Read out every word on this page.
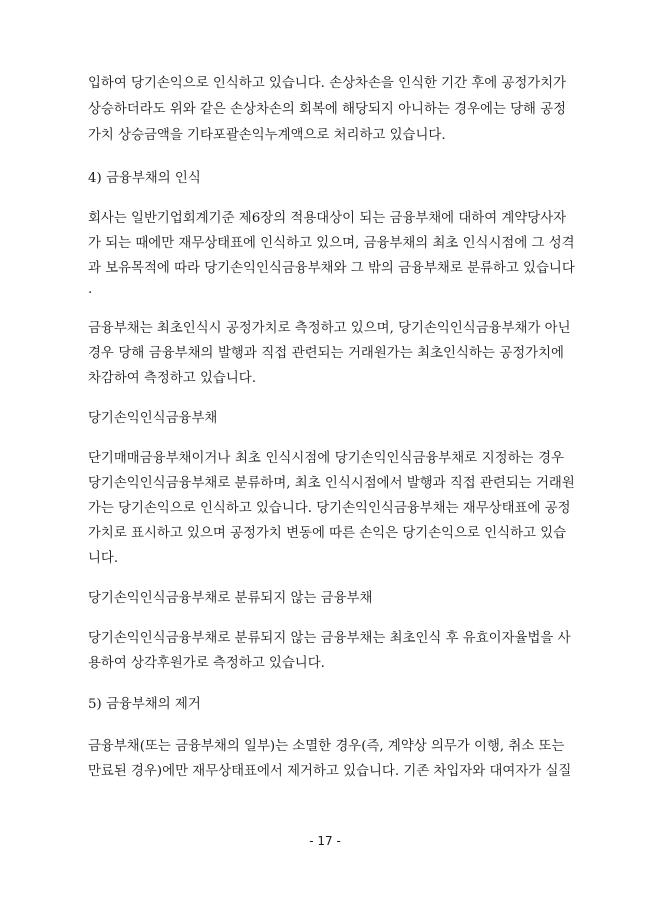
입하여 당기손익으로 인식하고 있습니다. 손상차손을 인식한 기간 후에 공정가치가
상승하더라도 위와 같은 손상차손의 회복에 해당되지 아니하는 경우에는 당해 공정
가치 상승금액을 기타포괄손익누계액으로 처리하고 있습니다.
4) 금융부채의 인식
회사는 일반기업회계기준 제6장의 적용대상이 되는 금융부채에 대하여 계약당사자
가 되는 때에만 재무상태표에 인식하고 있으며, 금융부채의 최초 인식시점에 그 성격
과 보유목적에 따라 당기손익인식금융부채와 그 밖의 금융부채로 분류하고 있습니다
.
금융부채는 최초인식시 공정가치로 측정하고 있으며, 당기손익인식금융부채가 아닌
경우 당해 금융부채의 발행과 직접 관련되는 거래원가는 최초인식하는 공정가치에
차감하여 측정하고 있습니다.
당기손익인식금융부채
단기매매금융부채이거나 최초 인식시점에 당기손익인식금융부채로 지정하는 경우
당기손익인식금융부채로 분류하며, 최초 인식시점에서 발행과 직접 관련되는 거래원
가는 당기손익으로 인식하고 있습니다. 당기손익인식금융부채는 재무상태표에 공정
가치로 표시하고 있으며 공정가치 변동에 따른 손익은 당기손익으로 인식하고 있습
니다.
당기손익인식금융부채로 분류되지 않는 금융부채
당기손익인식금융부채로 분류되지 않는 금융부채는 최초인식 후 유효이자율법을 사
용하여 상각후원가로 측정하고 있습니다.
5) 금융부채의 제거
금융부채(또는 금융부채의 일부)는 소멸한 경우(즉, 계약상 의무가 이행, 취소 또는
만료된 경우)에만 재무상태표에서 제거하고 있습니다. 기존 차입자와 대여자가 실질
- 17 -
